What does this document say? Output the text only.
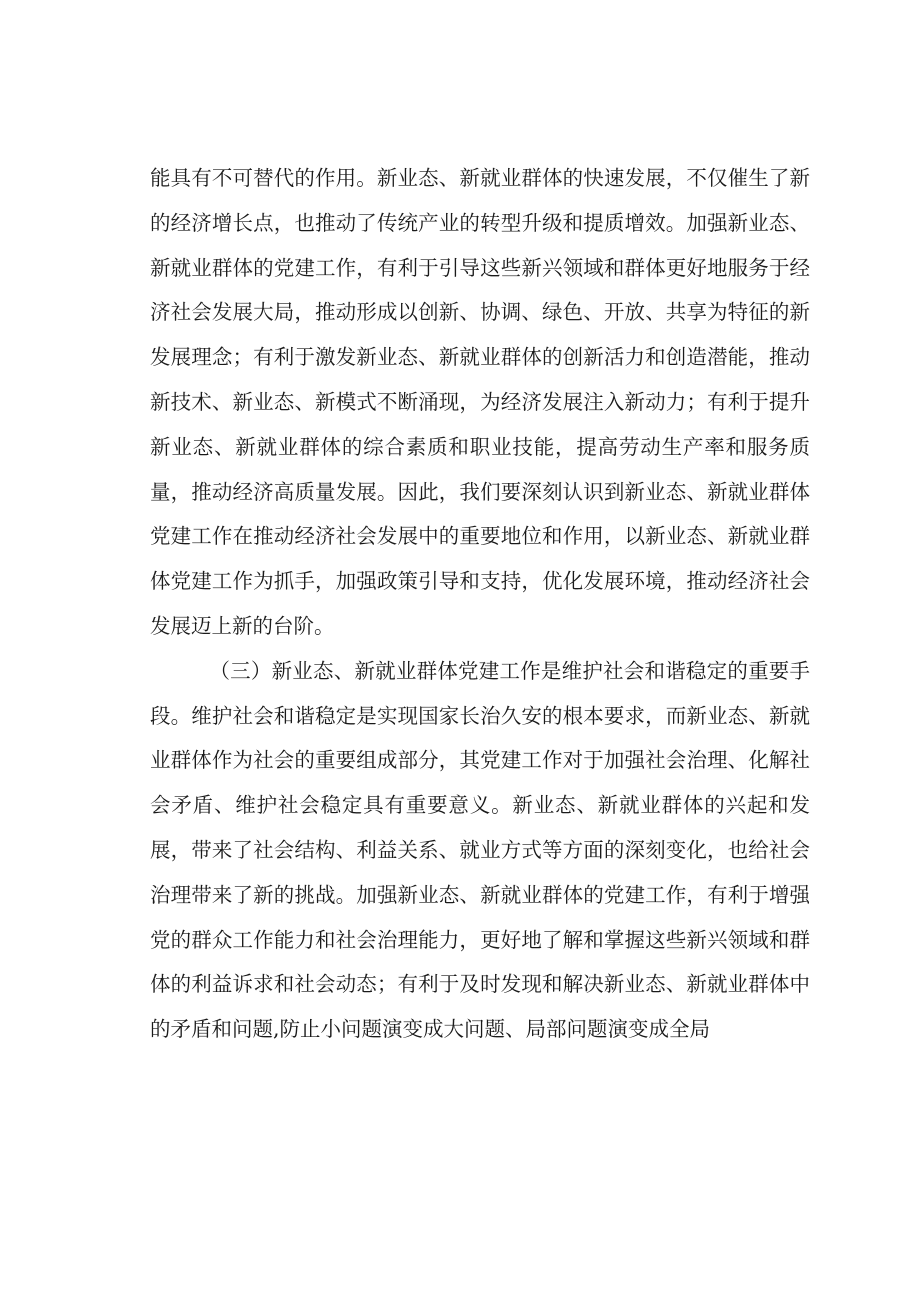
能具有不可替代的作用。新业态、新就业群体的快速发展，不仅催生了新的经济增长点，也推动了传统产业的转型升级和提质增效。加强新业态、新就业群体的党建工作，有利于引导这些新兴领域和群体更好地服务于经济社会发展大局，推动形成以创新、协调、绿色、开放、共享为特征的新发展理念；有利于激发新业态、新就业群体的创新活力和创造潜能，推动新技术、新业态、新模式不断涌现，为经济发展注入新动力；有利于提升新业态、新就业群体的综合素质和职业技能，提高劳动生产率和服务质量，推动经济高质量发展。因此，我们要深刻认识到新业态、新就业群体党建工作在推动经济社会发展中的重要地位和作用，以新业态、新就业群体党建工作为抓手，加强政策引导和支持，优化发展环境，推动经济社会发展迈上新的台阶。

（三）新业态、新就业群体党建工作是维护社会和谐稳定的重要手段。维护社会和谐稳定是实现国家长治久安的根本要求，而新业态、新就业群体作为社会的重要组成部分，其党建工作对于加强社会治理、化解社会矛盾、维护社会稳定具有重要意义。新业态、新就业群体的兴起和发展，带来了社会结构、利益关系、就业方式等方面的深刻变化，也给社会治理带来了新的挑战。加强新业态、新就业群体的党建工作，有利于增强党的群众工作能力和社会治理能力，更好地了解和掌握这些新兴领域和群体的利益诉求和社会动态；有利于及时发现和解决新业态、新就业群体中的矛盾和问题,防止小问题演变成大问题、局部问题演变成全局
